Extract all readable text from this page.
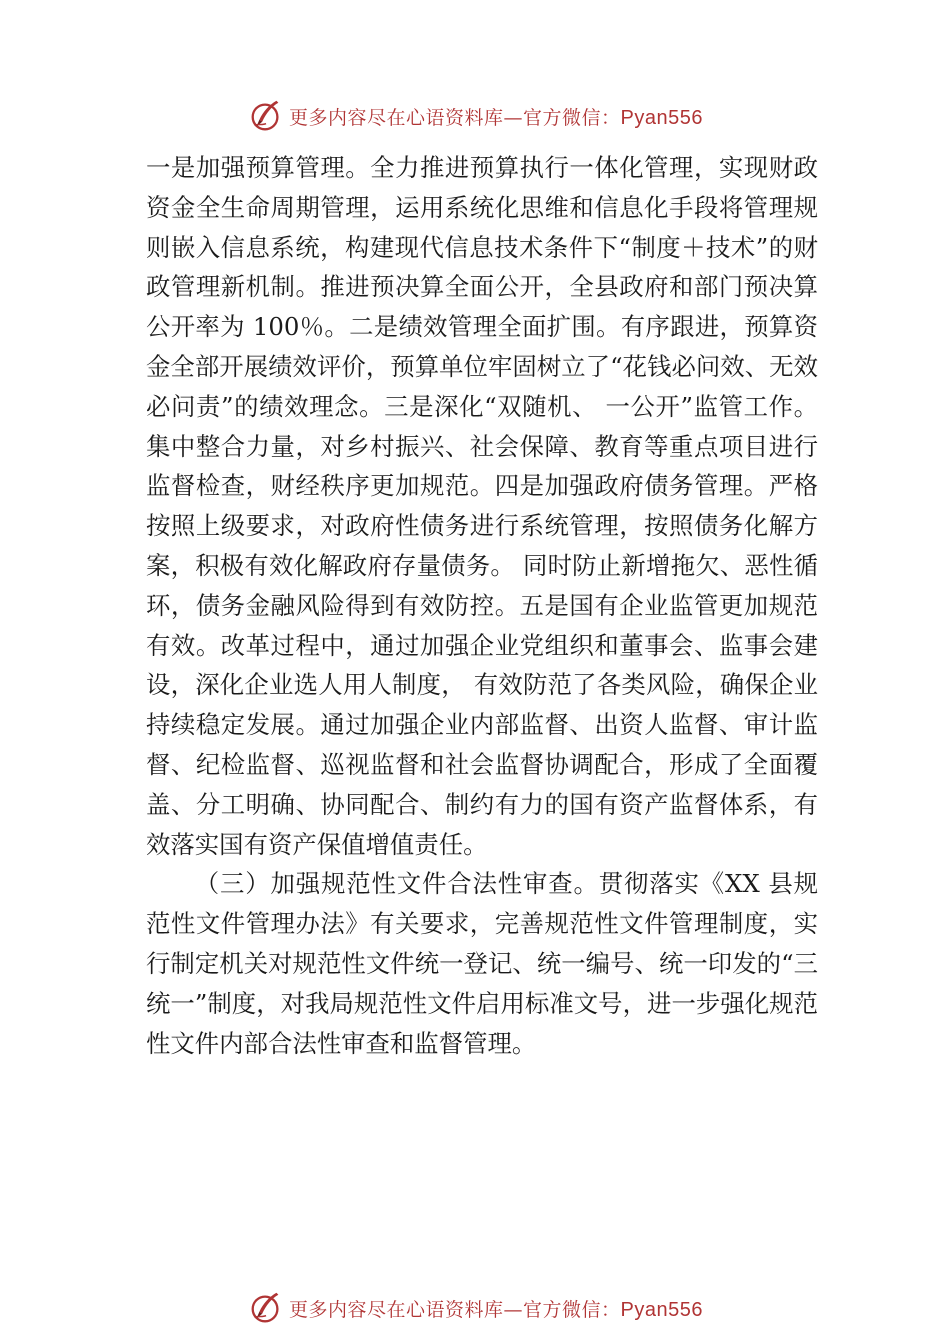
更多内容尽在心语资料库—官方微信：Pyan556

一是加强预算管理。全力推进预算执行一体化管理，实现财政资金全生命周期管理，运用系统化思维和信息化手段将管理规则嵌入信息系统，构建现代信息技术条件下“制度＋技术”的财政管理新机制。推进预决算全面公开，全县政府和部门预决算公开率为 100％。二是绩效管理全面扩围。有序跟进，预算资金全部开展绩效评价，预算单位牢固树立了“花钱必问效、无效必问责”的绩效理念。三是深化“双随机、 一公开”监管工作。集中整合力量，对乡村振兴、社会保障、教育等重点项目进行监督检查，财经秩序更加规范。四是加强政府债务管理。严格按照上级要求，对政府性债务进行系统管理，按照债务化解方案，积极有效化解政府存量债务。 同时防止新增拖欠、恶性循环，债务金融风险得到有效防控。五是国有企业监管更加规范有效。改革过程中，通过加强企业党组织和董事会、监事会建设，深化企业选人用人制度， 有效防范了各类风险，确保企业持续稳定发展。通过加强企业内部监督、出资人监督、审计监督、纪检监督、巡视监督和社会监督协调配合，形成了全面覆盖、分工明确、协同配合、制约有力的国有资产监督体系，有效落实国有资产保值增值责任。

（三）加强规范性文件合法性审查。贯彻落实《XX 县规范性文件管理办法》有关要求，完善规范性文件管理制度，实行制定机关对规范性文件统一登记、统一编号、统一印发的“三统一”制度，对我局规范性文件启用标准文号，进一步强化规范性文件内部合法性审查和监督管理。

更多内容尽在心语资料库—官方微信：Pyan556
